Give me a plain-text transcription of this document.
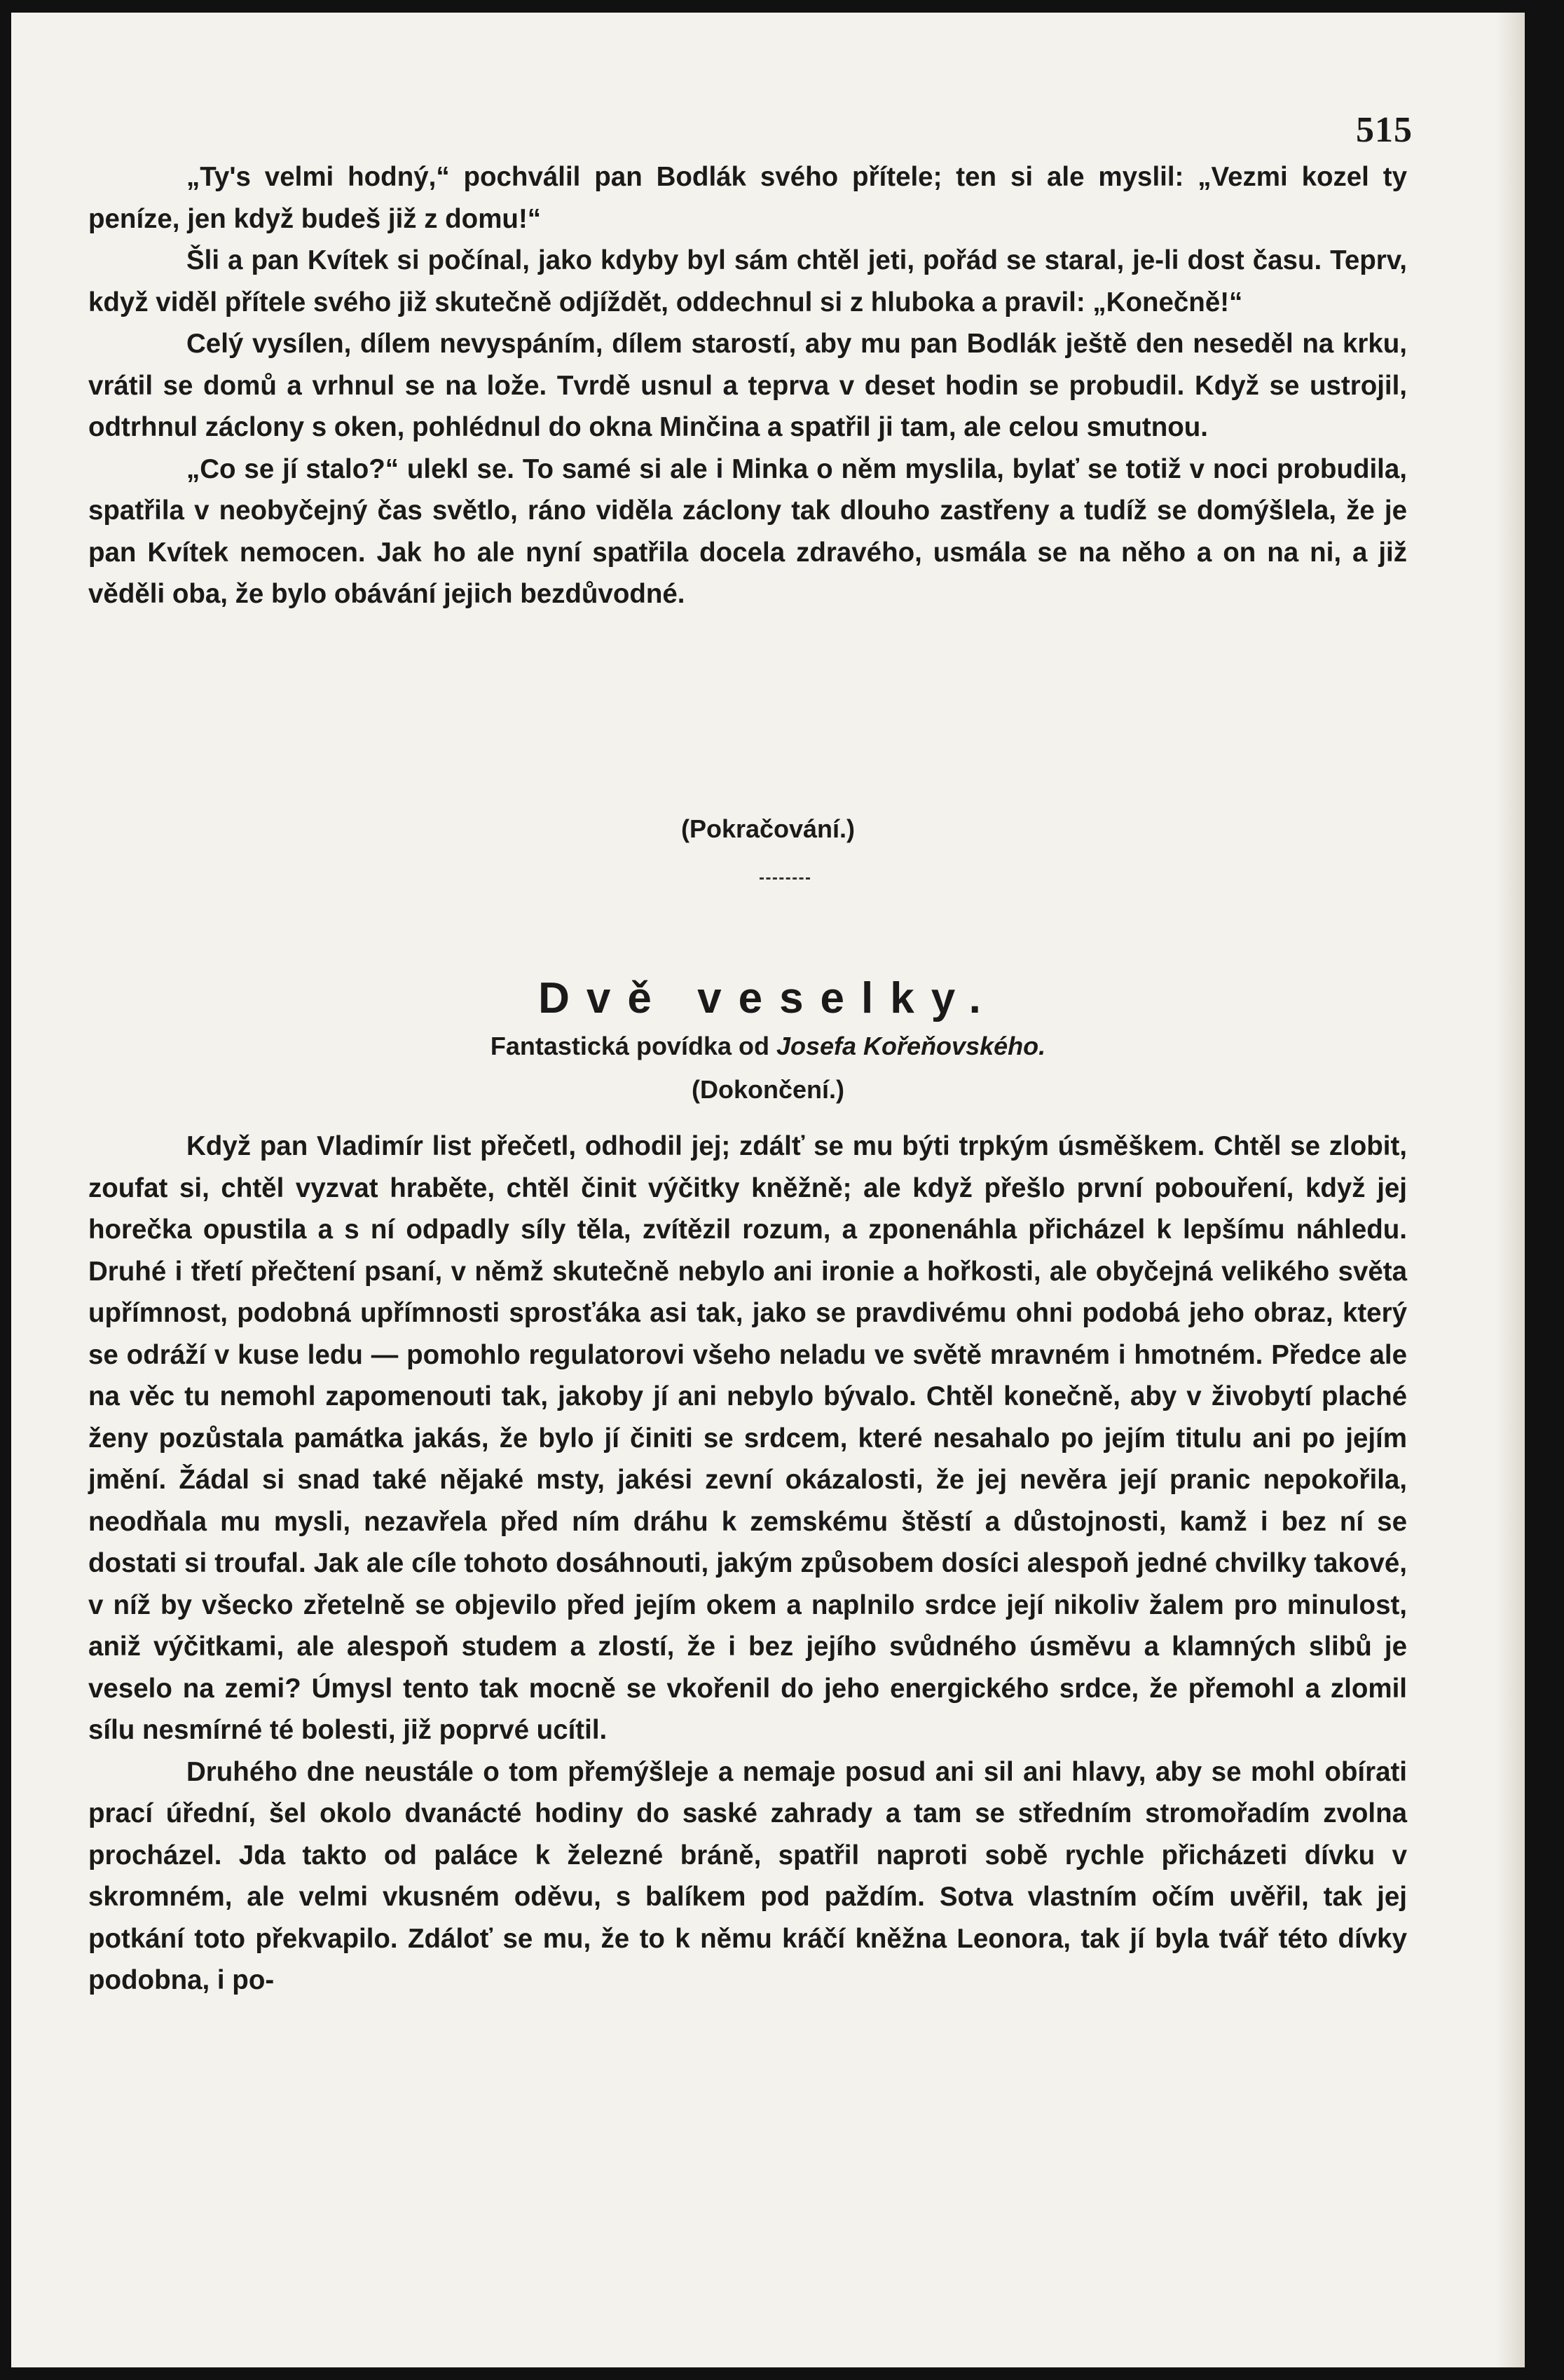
515

„Ty's velmi hodný,“ pochválil pan Bodlák svého přítele; ten si ale myslil: „Vezmi kozel ty peníze, jen když budeš již z domu!“

Šli a pan Kvítek si počínal, jako kdyby byl sám chtěl jeti, pořád se staral, je-li dost času. Teprv, když viděl přítele svého již skutečně odjíždět, oddechnul si z hluboka a pravil: „Konečně!“

Celý vysílen, dílem nevyspáním, dílem starostí, aby mu pan Bodlák ještě den neseděl na krku, vrátil se domů a vrhnul se na lože. Tvrdě usnul a teprva v deset hodin se probudil. Když se ustrojil, odtrhnul záclony s oken, pohlédnul do okna Minčina a spatřil ji tam, ale celou smutnou.

„Co se jí stalo?“ ulekl se. To samé si ale i Minka o něm myslila, bylať se totiž v noci probudila, spatřila v neobyčejný čas světlo, ráno viděla záclony tak dlouho zastřeny a tudíž se domýšlela, že je pan Kvítek nemocen. Jak ho ale nyní spatřila docela zdravého, usmála se na něho a on na ni, a již věděli oba, že bylo obávání jejich bezdůvodné.

(Pokračování.)
Dvě veselky.
Fantastická povídka od Josefa Kořeňovského.
(Dokončení.)

Když pan Vladimír list přečetl, odhodil jej; zdálť se mu býti trpkým úsměškem. Chtěl se zlobit, zoufat si, chtěl vyzvat hraběte, chtěl činit výčitky kněžně; ale když přešlo první pobouření, když jej horečka opustila a s ní odpadly síly těla, zvítězil rozum, a zponenáhla přicházel k lepšímu náhledu. Druhé i třetí přečtení psaní, v němž skutečně nebylo ani ironie a hořkosti, ale obyčejná velikého světa upřímnost, podobná upřímnosti sprosťáka asi tak, jako se pravdivému ohni podobá jeho obraz, který se odráží v kuse ledu — pomohlo regulatorovi všeho neladu ve světě mravném i hmotném. Předce ale na věc tu nemohl zapomenouti tak, jakoby jí ani nebylo bývalo. Chtěl konečně, aby v živobytí plaché ženy pozůstala památka jakás, že bylo jí činiti se srdcem, které nesahalo po jejím titulu ani po jejím jmění. Žádal si snad také nějaké msty, jakési zevní okázalosti, že jej nevěra její pranic nepokořila, neodňala mu mysli, nezavřela před ním dráhu k zemskému štěstí a důstojnosti, kamž i bez ní se dostati si troufal. Jak ale cíle tohoto dosáhnouti, jakým způsobem dosíci alespoň jedné chvilky takové, v níž by všecko zřetelně se objevilo před jejím okem a naplnilo srdce její nikoliv žalem pro minulost, aniž výčitkami, ale alespoň studem a zlostí, že i bez jejího svůdného úsměvu a klamných slibů je veselo na zemi? Úmysl tento tak mocně se vkořenil do jeho energického srdce, že přemohl a zlomil sílu nesmírné té bolesti, již poprvé ucítil.

Druhého dne neustále o tom přemýšleje a nemaje posud ani sil ani hlavy, aby se mohl obírati prací úřední, šel okolo dvanácté hodiny do saské zahrady a tam se středním stromořadím zvolna procházel. Jda takto od paláce k železné bráně, spatřil naproti sobě rychle přicházeti dívku v skromném, ale velmi vkusném oděvu, s balíkem pod paždím. Sotva vlastním očím uvěřil, tak jej potkání toto překvapilo. Zdáloť se mu, že to k němu kráčí kněžna Leonora, tak jí byla tvář této dívky podobna, i po-
